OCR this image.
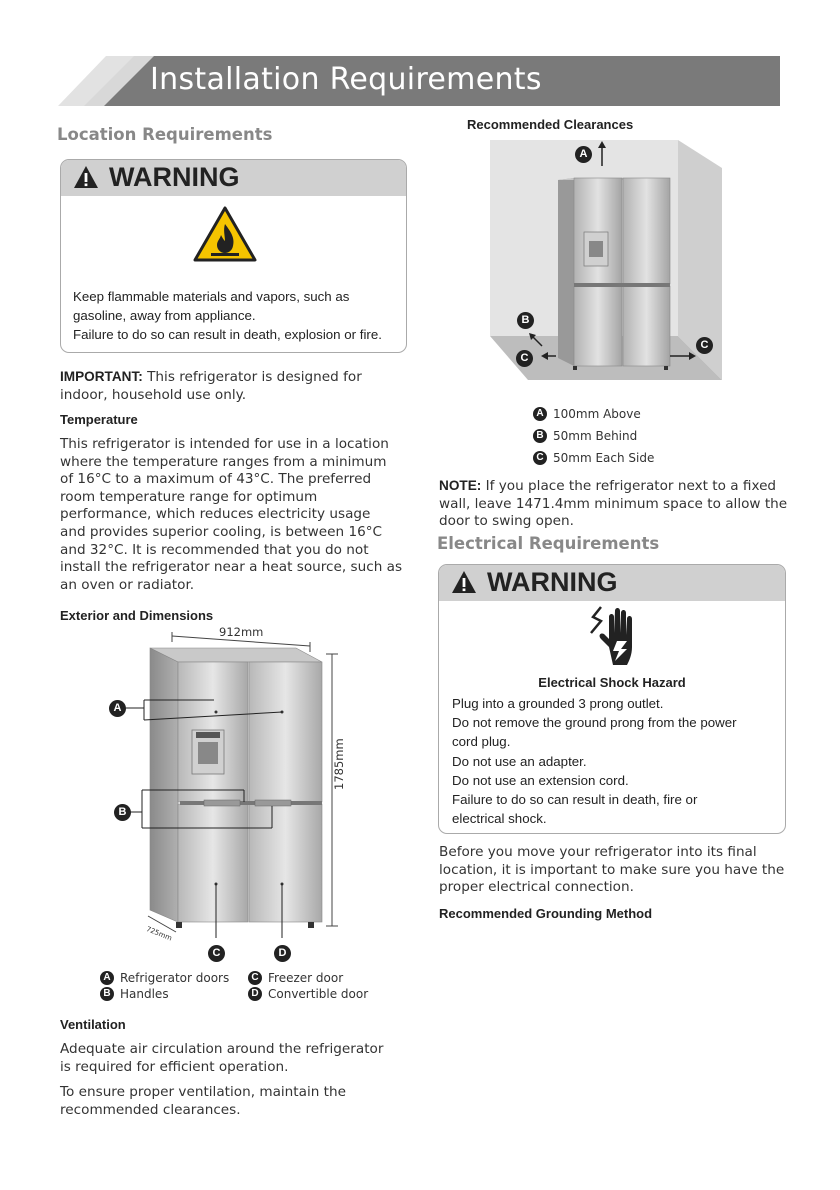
Installation Requirements
Location Requirements
WARNING
Keep flammable materials and vapors, such as
gasoline, away from appliance.
Failure to do so can result in death, explosion or fire.
IMPORTANT: This refrigerator is designed for
indoor, household use only.
Temperature
This refrigerator is intended for use in a location
where the temperature ranges from a minimum
of 16°C to a maximum of 43°C. The preferred
room temperature range for optimum
performance, which reduces electricity usage
and provides superior cooling, is between 16°C
and 32°C. It is recommended that you do not
install the refrigerator near a heat source, such as
an oven or radiator.
Exterior and Dimensions
912mm
1785mm
725mm
A
B
C	D
A Refrigerator doors	C Freezer door
B Handles	D Convertible door
Ventilation
Adequate air circulation around the refrigerator
is required for efficient operation.
To ensure proper ventilation, maintain the
recommended clearances.
Recommended Clearances
A
B
C
C
A 100mm Above
B 50mm Behind
C 50mm Each Side
NOTE: If you place the refrigerator next to a fixed
wall, leave 1471.4mm minimum space to allow the
door to swing open.
Electrical Requirements
WARNING
Electrical Shock Hazard
Plug into a grounded 3 prong outlet.
Do not remove the ground prong from the power
cord plug.
Do not use an adapter.
Do not use an extension cord.
Failure to do so can result in death, fire or
electrical shock.
Before you move your refrigerator into its final
location, it is important to make sure you have the
proper electrical connection.
Recommended Grounding Method
